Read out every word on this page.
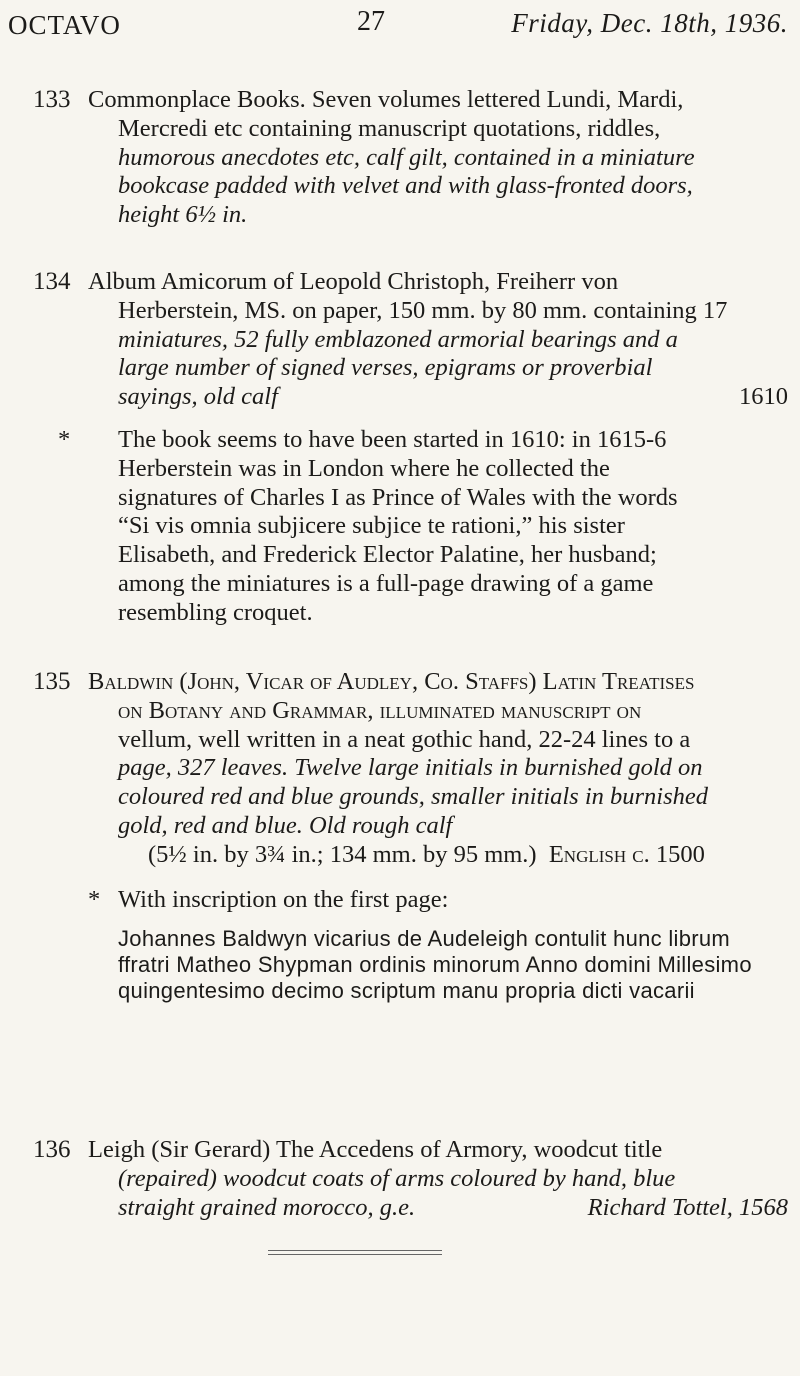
OCTAVO	27	Friday, Dec. 18th, 1936.
133 Commonplace Books. Seven volumes lettered Lundi, Mardi,

Mercredi etc containing manuscript quotations, riddles,

humorous anecdotes etc, calf gilt, contained in a miniature

bookcase padded with velvet and with glass-fronted doors,

height 6½ in.

134 Album Amicorum of Leopold Christoph, Freiherr von

Herberstein, MS. on paper, 150 mm. by 80 mm. containing 17

miniatures, 52 fully emblazoned armorial bearings and a

large number of signed verses, epigrams or proverbial

sayings, old calf	1610

* The book seems to have been started in 1610: in 1615-6

Herberstein was in London where he collected the

signatures of Charles I as Prince of Wales with the words

“Si vis omnia subjicere subjice te rationi,” his sister

Elisabeth, and Frederick Elector Palatine, her husband;

among the miniatures is a full-page drawing of a game

resembling croquet.

135 Baldwin (John, Vicar of Audley, Co. Staffs) Latin Treatises

on Botany and Grammar, illuminated manuscript on

vellum, well written in a neat gothic hand, 22-24 lines to a

page, 327 leaves. Twelve large initials in burnished gold on

coloured red and blue grounds, smaller initials in burnished

gold, red and blue. Old rough calf

(5½ in. by 3¾ in.; 134 mm. by 95 mm.) English c. 1500

* With inscription on the first page:

Johannes Baldwyn vicarius de Audeleigh contulit hunc librum

ffratri Matheo Shypman ordinis minorum Anno domini Millesimo

quingentesimo decimo scriptum manu propria dicti vacarii

136 Leigh (Sir Gerard) The Accedens of Armory, woodcut title

(repaired) woodcut coats of arms coloured by hand, blue

straight grained morocco, g.e.	Richard Tottel, 1568
